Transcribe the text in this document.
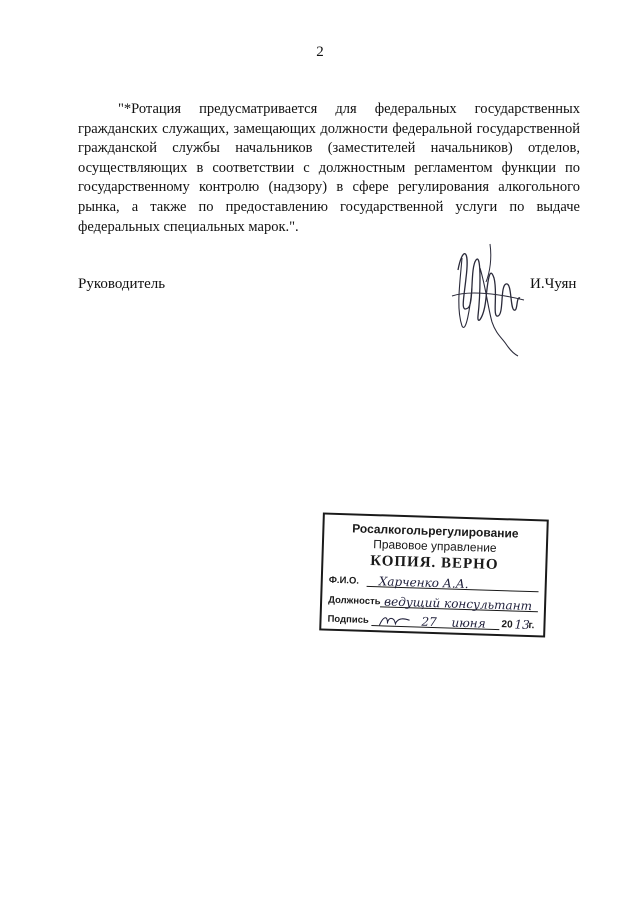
2

"*Ротация предусматривается для федеральных государственных гражданских служащих, замещающих должности федеральной государственной гражданской службы начальников (заместителей начальников) отделов, осуществляющих в соответствии с должностным регламентом функции по государственному контролю (надзору) в сфере регулирования алкогольного рынка, а также по предоставлению государственной услуги по выдаче федеральных специальных марок.".

Руководитель	И.Чуян
Росалкогольрегулирование
Правовое управление
КОПИЯ. ВЕРНО
Ф.И.О. Харченко А.А.
Должность ведущий консультант
Подпись	27 июня 20 13
г.
